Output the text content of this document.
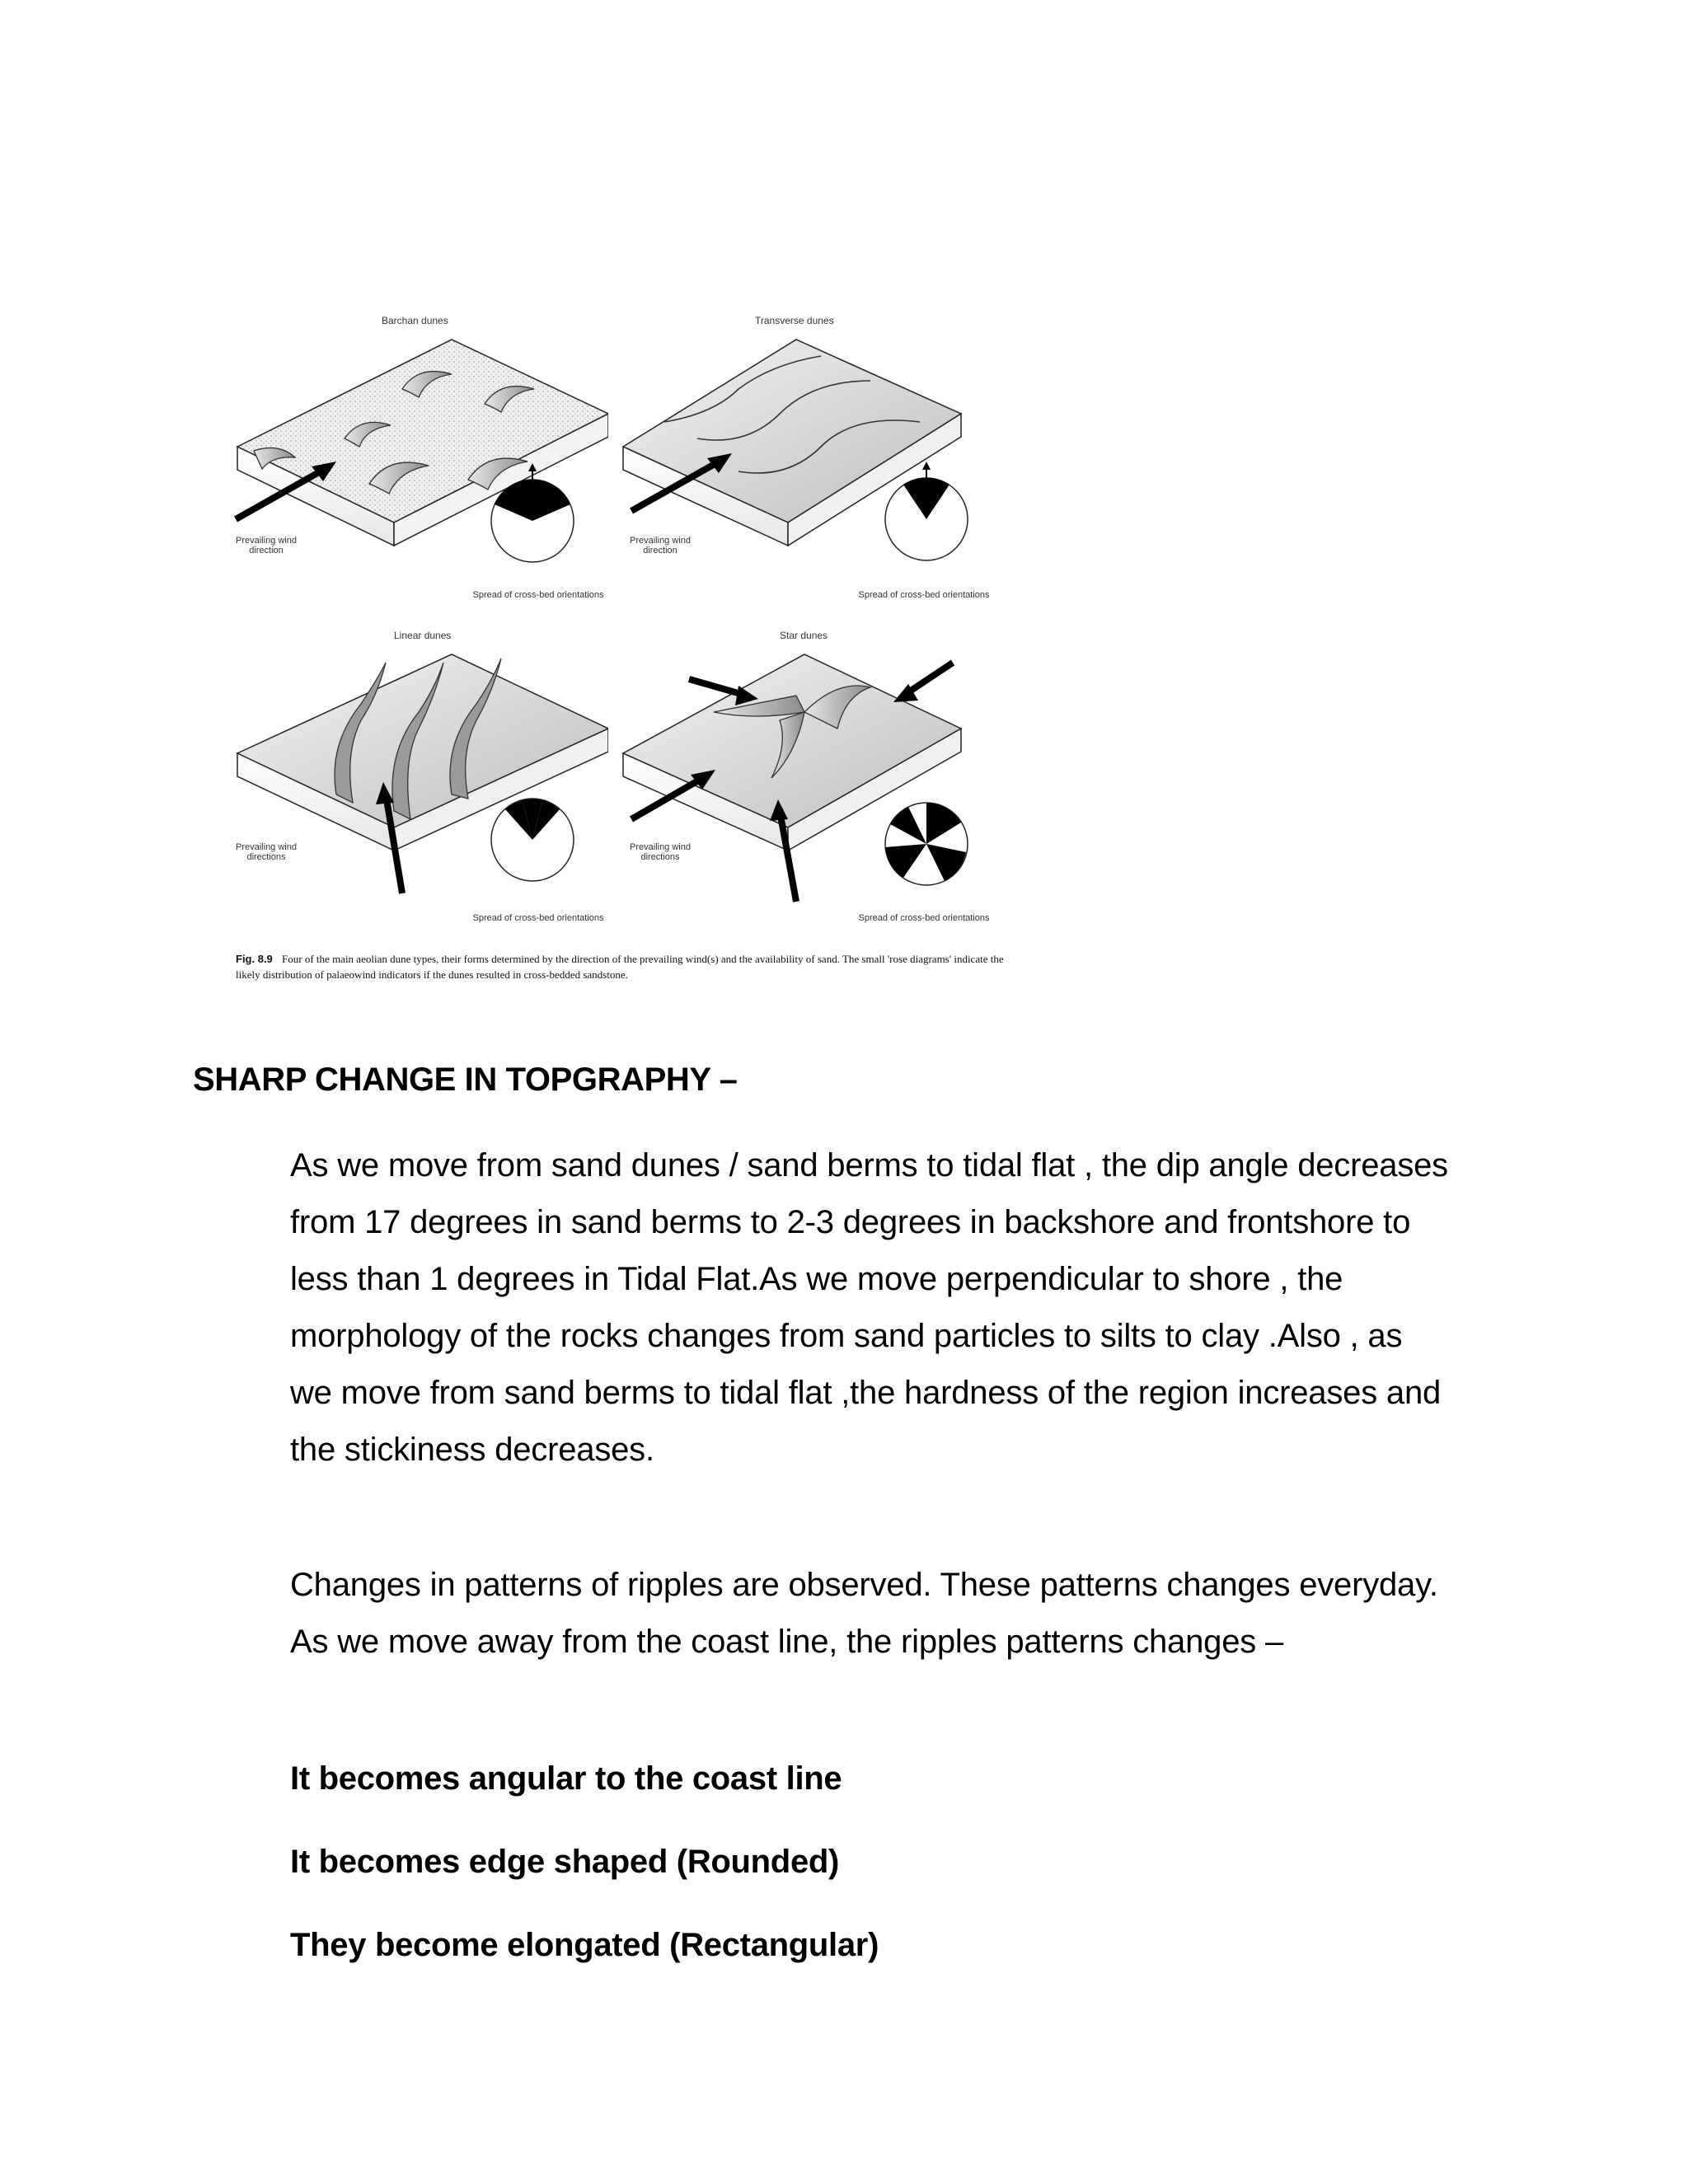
Barchan dunes
Prevailing wind direction
Spread of cross-bed orientations
Transverse dunes
Prevailing wind direction
Spread of cross-bed orientations
Linear dunes
Prevailing wind directions
Spread of cross-bed orientations
Star dunes
Prevailing wind directions
Spread of cross-bed orientations
Fig. 8.9 Four of the main aeolian dune types, their forms determined by the direction of the prevailing wind(s) and the availability of sand. The small 'rose diagrams' indicate the likely distribution of palaeowind indicators if the dunes resulted in cross-bedded sandstone.
SHARP CHANGE IN TOPGRAPHY –
As we move from sand dunes / sand berms to tidal flat , the dip angle decreases from 17 degrees in sand berms to 2-3 degrees in backshore and frontshore to less than 1 degrees in Tidal Flat.As we move perpendicular to shore , the morphology of the rocks changes from sand particles to silts to clay .Also , as we move from sand berms to tidal flat ,the hardness of the region increases and the stickiness decreases.
Changes in patterns of ripples are observed. These patterns changes everyday. As we move away from the coast line, the ripples patterns changes –
It becomes angular to the coast line
It becomes edge shaped (Rounded)
They become elongated (Rectangular)
